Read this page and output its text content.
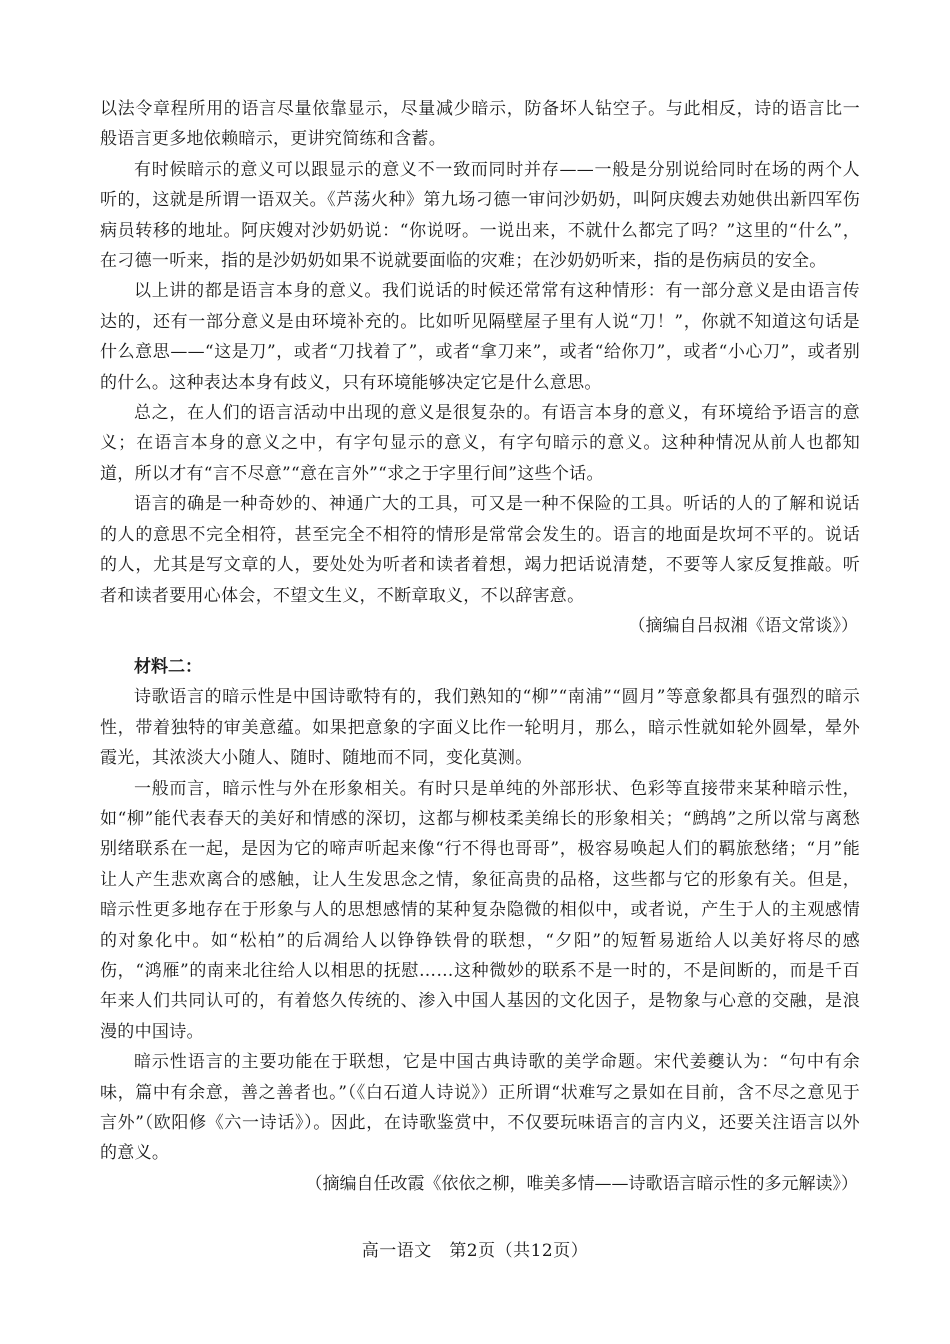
以法令章程所用的语言尽量依靠显示，尽量减少暗示，防备坏人钻空子。与此相反，诗的语言比一般语言更多地依赖暗示，更讲究简练和含蓄。

有时候暗示的意义可以跟显示的意义不一致而同时并存——一般是分别说给同时在场的两个人听的，这就是所谓一语双关。《芦荡火种》第九场刁德一审问沙奶奶，叫阿庆嫂去劝她供出新四军伤病员转移的地址。阿庆嫂对沙奶奶说：“你说呀。一说出来，不就什么都完了吗？”这里的“什么”，在刁德一听来，指的是沙奶奶如果不说就要面临的灾难；在沙奶奶听来，指的是伤病员的安全。

以上讲的都是语言本身的意义。我们说话的时候还常常有这种情形：有一部分意义是由语言传达的，还有一部分意义是由环境补充的。比如听见隔壁屋子里有人说“刀！”，你就不知道这句话是什么意思——“这是刀”，或者“刀找着了”，或者“拿刀来”，或者“给你刀”，或者“小心刀”，或者别的什么。这种表达本身有歧义，只有环境能够决定它是什么意思。

总之，在人们的语言活动中出现的意义是很复杂的。有语言本身的意义，有环境给予语言的意义；在语言本身的意义之中，有字句显示的意义，有字句暗示的意义。这种种情况从前人也都知道，所以才有“言不尽意”“意在言外”“求之于字里行间”这些个话。

语言的确是一种奇妙的、神通广大的工具，可又是一种不保险的工具。听话的人的了解和说话的人的意思不完全相符，甚至完全不相符的情形是常常会发生的。语言的地面是坎坷不平的。说话的人，尤其是写文章的人，要处处为听者和读者着想，竭力把话说清楚，不要等人家反复推敲。听者和读者要用心体会，不望文生义，不断章取义，不以辞害意。

（摘编自吕叔湘《语文常谈》）

材料二：

诗歌语言的暗示性是中国诗歌特有的，我们熟知的“柳”“南浦”“圆月”等意象都具有强烈的暗示性，带着独特的审美意蕴。如果把意象的字面义比作一轮明月，那么，暗示性就如轮外圆晕，晕外霞光，其浓淡大小随人、随时、随地而不同，变化莫测。

一般而言，暗示性与外在形象相关。有时只是单纯的外部形状、色彩等直接带来某种暗示性，如“柳”能代表春天的美好和情感的深切，这都与柳枝柔美绵长的形象相关；“鹧鸪”之所以常与离愁别绪联系在一起，是因为它的啼声听起来像“行不得也哥哥”，极容易唤起人们的羁旅愁绪；“月”能让人产生悲欢离合的感触，让人生发思念之情，象征高贵的品格，这些都与它的形象有关。但是，暗示性更多地存在于形象与人的思想感情的某种复杂隐微的相似中，或者说，产生于人的主观感情的对象化中。如“松柏”的后凋给人以铮铮铁骨的联想，“夕阳”的短暂易逝给人以美好将尽的感伤，“鸿雁”的南来北往给人以相思的抚慰……这种微妙的联系不是一时的，不是间断的，而是千百年来人们共同认可的，有着悠久传统的、渗入中国人基因的文化因子，是物象与心意的交融，是浪漫的中国诗。

暗示性语言的主要功能在于联想，它是中国古典诗歌的美学命题。宋代姜夔认为：“句中有余味，篇中有余意，善之善者也。”（《白石道人诗说》）正所谓“状难写之景如在目前，含不尽之意见于言外”（欧阳修《六一诗话》）。因此，在诗歌鉴赏中，不仅要玩味语言的言内义，还要关注语言以外的意义。

（摘编自任改霞《依依之柳，唯美多情——诗歌语言暗示性的多元解读》）

高一语文　第2页（共12页）
